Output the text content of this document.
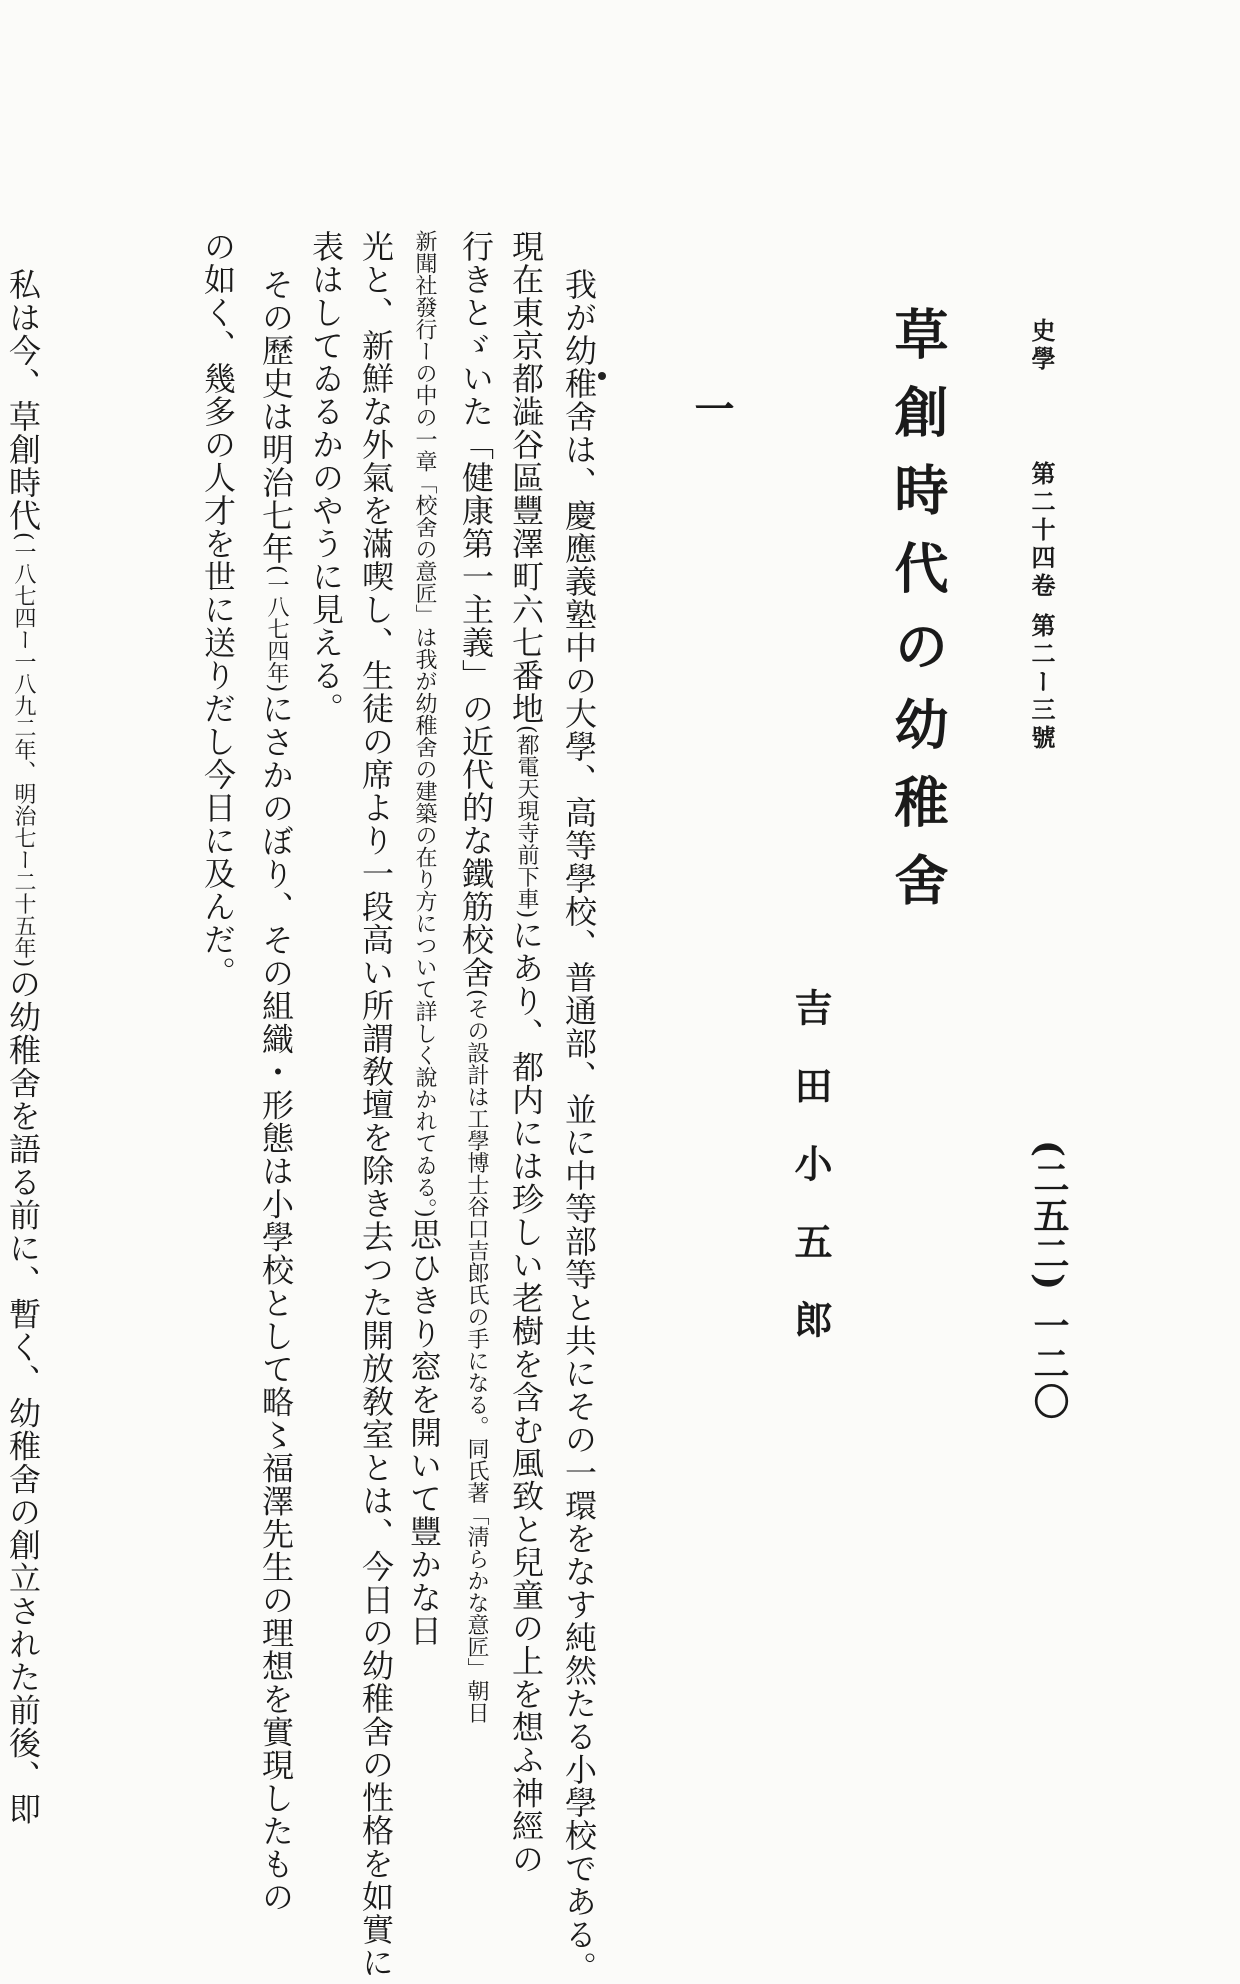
史學  第二十四卷 第二ー三號
(二五二) 一二〇
草創時代の幼稚舍
吉田小五郎
一
我が幼稚舍は、慶應義塾中の大學、高等學校、普通部、並に中等部等と共にその一環をなす純然たる小學校である。
現在東京都澁谷區豐澤町六七番地(都電天現寺前下車)にあり、都内には珍しい老樹を含む風致と兒童の上を想ふ神經の
行きとゞいた「健康第一主義」の近代的な鐵筋校舍(その設計は工學博士谷口吉郎氏の手になる。同氏著「淸らかな意匠」朝日
新聞社發行ーの中の一章「校舍の意匠」は我が幼稚舍の建築の在り方について詳しく說かれてゐる。)思ひきり窓を開いて豐かな日
光と、新鮮な外氣を滿喫し、生徒の席より一段高い所謂敎壇を除き去つた開放敎室とは、今日の幼稚舍の性格を如實に
表はしてゐるかのやうに見える。
その歷史は明治七年(一八七四年)にさかのぼり、その組織・形態は小學校として略〻福澤先生の理想を實現したもの
の如く、幾多の人才を世に送りだし今日に及んだ。
私は今、草創時代(一八七四ー一八九二年、明治七ー二十五年)の幼稚舍を語る前に、暫く、幼稚舍の創立された前後、即
